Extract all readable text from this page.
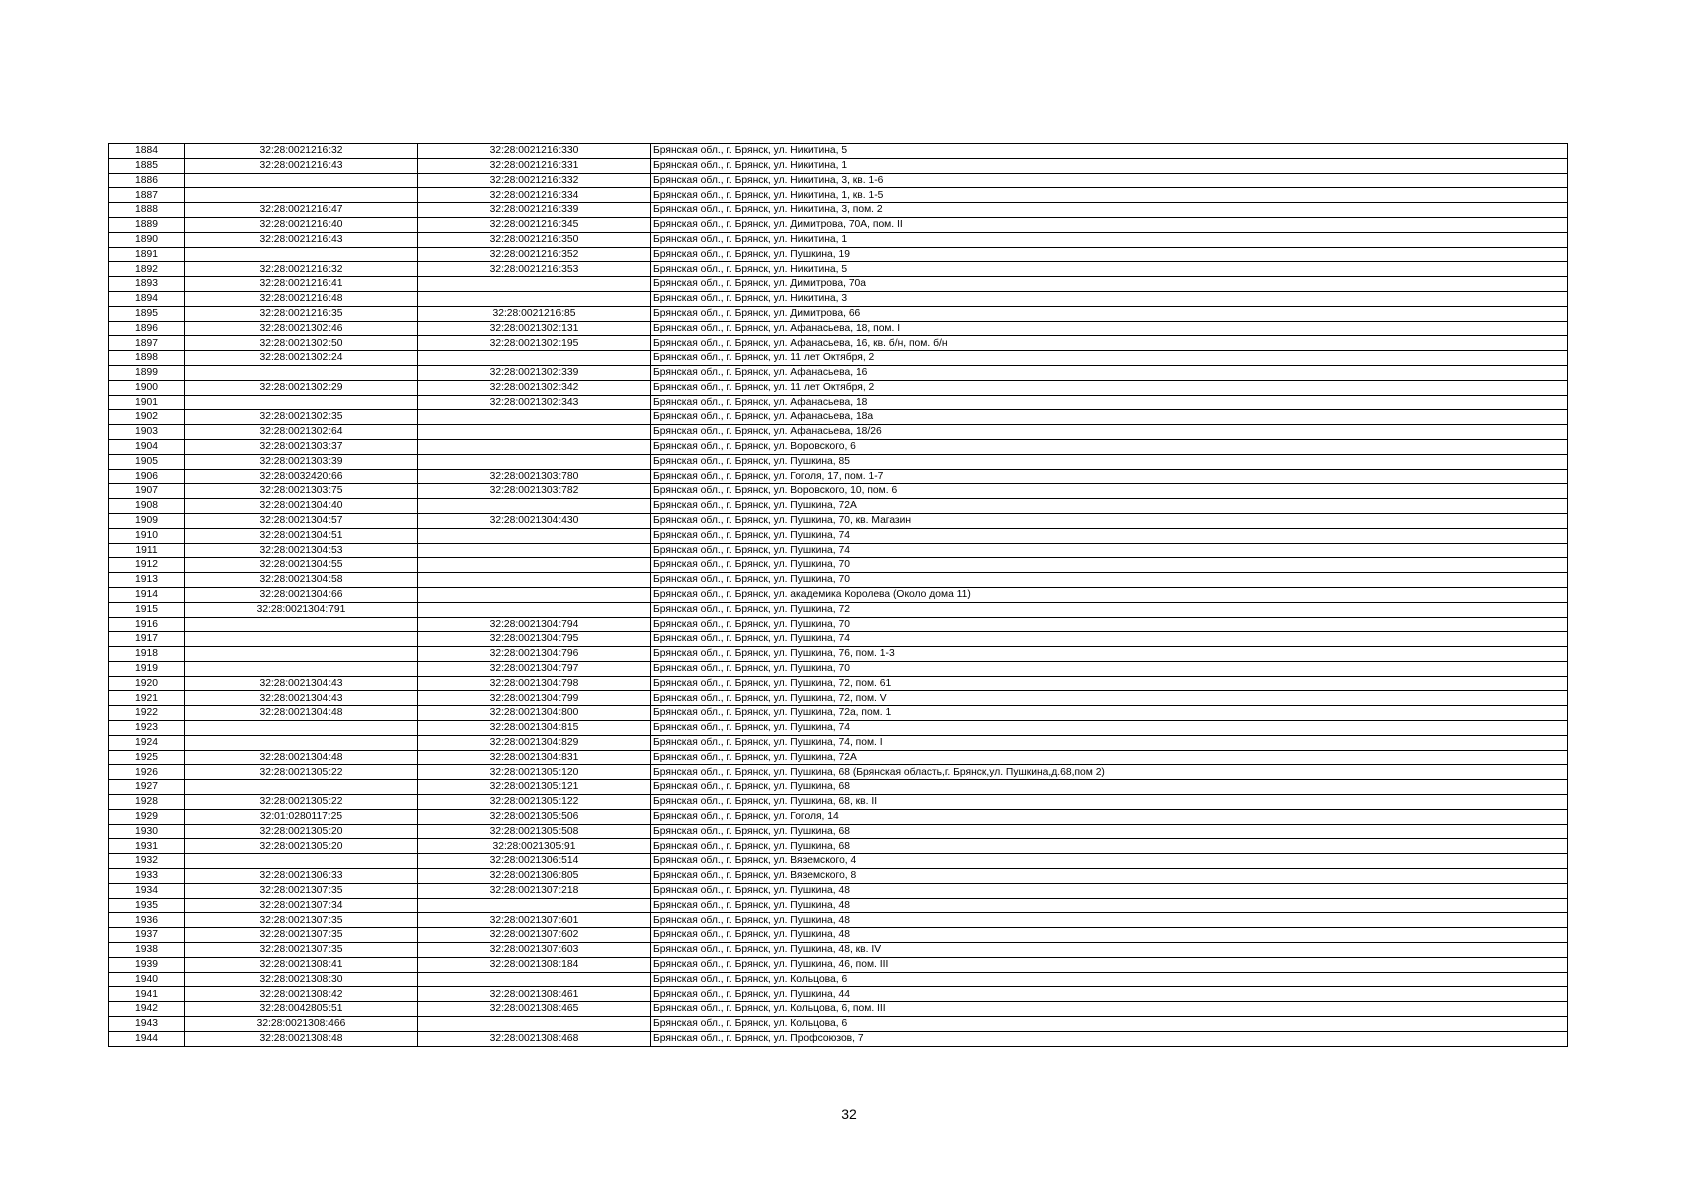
1884	32:28:0021216:32	32:28:0021216:330	Брянская обл., г. Брянск, ул. Никитина, 5
1885	32:28:0021216:43	32:28:0021216:331	Брянская обл., г. Брянск, ул. Никитина, 1
1886		32:28:0021216:332	Брянская обл., г. Брянск, ул. Никитина, 3, кв. 1-6
1887		32:28:0021216:334	Брянская обл., г. Брянск, ул. Никитина, 1, кв. 1-5
1888	32:28:0021216:47	32:28:0021216:339	Брянская обл., г. Брянск, ул. Никитина, 3, пом. 2
1889	32:28:0021216:40	32:28:0021216:345	Брянская обл., г. Брянск, ул. Димитрова, 70А, пом. II
1890	32:28:0021216:43	32:28:0021216:350	Брянская обл., г. Брянск, ул. Никитина, 1
1891		32:28:0021216:352	Брянская обл., г. Брянск, ул. Пушкина, 19
1892	32:28:0021216:32	32:28:0021216:353	Брянская обл., г. Брянск, ул. Никитина, 5
1893	32:28:0021216:41		Брянская обл., г. Брянск, ул. Димитрова, 70а
1894	32:28:0021216:48		Брянская обл., г. Брянск, ул. Никитина, 3
1895	32:28:0021216:35	32:28:0021216:85	Брянская обл., г. Брянск, ул. Димитрова, 66
1896	32:28:0021302:46	32:28:0021302:131	Брянская обл., г. Брянск, ул. Афанасьева, 18, пом. I
1897	32:28:0021302:50	32:28:0021302:195	Брянская обл., г. Брянск, ул. Афанасьева, 16, кв. б/н, пом. б/н
1898	32:28:0021302:24		Брянская обл., г. Брянск, ул. 11 лет Октября, 2
1899		32:28:0021302:339	Брянская обл., г. Брянск, ул. Афанасьева, 16
1900	32:28:0021302:29	32:28:0021302:342	Брянская обл., г. Брянск, ул. 11 лет Октября, 2
1901		32:28:0021302:343	Брянская обл., г. Брянск, ул. Афанасьева, 18
1902	32:28:0021302:35		Брянская обл., г. Брянск, ул. Афанасьева, 18а
1903	32:28:0021302:64		Брянская обл., г. Брянск, ул. Афанасьева, 18/26
1904	32:28:0021303:37		Брянская обл., г. Брянск, ул. Воровского, 6
1905	32:28:0021303:39		Брянская обл., г. Брянск, ул. Пушкина, 85
1906	32:28:0032420:66	32:28:0021303:780	Брянская обл., г. Брянск, ул. Гоголя, 17, пом. 1-7
1907	32:28:0021303:75	32:28:0021303:782	Брянская обл., г. Брянск, ул. Воровского, 10, пом. 6
1908	32:28:0021304:40		Брянская обл., г. Брянск, ул. Пушкина, 72А
1909	32:28:0021304:57	32:28:0021304:430	Брянская обл., г. Брянск, ул. Пушкина, 70, кв. Магазин
1910	32:28:0021304:51		Брянская обл., г. Брянск, ул. Пушкина, 74
1911	32:28:0021304:53		Брянская обл., г. Брянск, ул. Пушкина, 74
1912	32:28:0021304:55		Брянская обл., г. Брянск, ул. Пушкина, 70
1913	32:28:0021304:58		Брянская обл., г. Брянск, ул. Пушкина, 70
1914	32:28:0021304:66		Брянская обл., г. Брянск, ул. академика Королева (Около дома 11)
1915	32:28:0021304:791		Брянская обл., г. Брянск, ул. Пушкина, 72
1916		32:28:0021304:794	Брянская обл., г. Брянск, ул. Пушкина, 70
1917		32:28:0021304:795	Брянская обл., г. Брянск, ул. Пушкина, 74
1918		32:28:0021304:796	Брянская обл., г. Брянск, ул. Пушкина, 76, пом. 1-3
1919		32:28:0021304:797	Брянская обл., г. Брянск, ул. Пушкина, 70
1920	32:28:0021304:43	32:28:0021304:798	Брянская обл., г. Брянск, ул. Пушкина, 72, пом. 61
1921	32:28:0021304:43	32:28:0021304:799	Брянская обл., г. Брянск, ул. Пушкина, 72, пом. V
1922	32:28:0021304:48	32:28:0021304:800	Брянская обл., г. Брянск, ул. Пушкина, 72а, пом. 1
1923		32:28:0021304:815	Брянская обл., г. Брянск, ул. Пушкина, 74
1924		32:28:0021304:829	Брянская обл., г. Брянск, ул. Пушкина, 74, пом. I
1925	32:28:0021304:48	32:28:0021304:831	Брянская обл., г. Брянск, ул. Пушкина, 72А
1926	32:28:0021305:22	32:28:0021305:120	Брянская обл., г. Брянск, ул. Пушкина, 68 (Брянская область,г. Брянск,ул. Пушкина,д.68,пом 2)
1927		32:28:0021305:121	Брянская обл., г. Брянск, ул. Пушкина, 68
1928	32:28:0021305:22	32:28:0021305:122	Брянская обл., г. Брянск, ул. Пушкина, 68, кв. II
1929	32:01:0280117:25	32:28:0021305:506	Брянская обл., г. Брянск, ул. Гоголя, 14
1930	32:28:0021305:20	32:28:0021305:508	Брянская обл., г. Брянск, ул. Пушкина, 68
1931	32:28:0021305:20	32:28:0021305:91	Брянская обл., г. Брянск, ул. Пушкина, 68
1932		32:28:0021306:514	Брянская обл., г. Брянск, ул. Вяземского, 4
1933	32:28:0021306:33	32:28:0021306:805	Брянская обл., г. Брянск, ул. Вяземского, 8
1934	32:28:0021307:35	32:28:0021307:218	Брянская обл., г. Брянск, ул. Пушкина, 48
1935	32:28:0021307:34		Брянская обл., г. Брянск, ул. Пушкина, 48
1936	32:28:0021307:35	32:28:0021307:601	Брянская обл., г. Брянск, ул. Пушкина, 48
1937	32:28:0021307:35	32:28:0021307:602	Брянская обл., г. Брянск, ул. Пушкина, 48
1938	32:28:0021307:35	32:28:0021307:603	Брянская обл., г. Брянск, ул. Пушкина, 48, кв. IV
1939	32:28:0021308:41	32:28:0021308:184	Брянская обл., г. Брянск, ул. Пушкина, 46, пом. III
1940	32:28:0021308:30		Брянская обл., г. Брянск, ул. Кольцова, 6
1941	32:28:0021308:42	32:28:0021308:461	Брянская обл., г. Брянск, ул. Пушкина, 44
1942	32:28:0042805:51	32:28:0021308:465	Брянская обл., г. Брянск, ул. Кольцова, 6, пом. III
1943	32:28:0021308:466		Брянская обл., г. Брянск, ул. Кольцова, 6
1944	32:28:0021308:48	32:28:0021308:468	Брянская обл., г. Брянск, ул. Профсоюзов, 7
32
